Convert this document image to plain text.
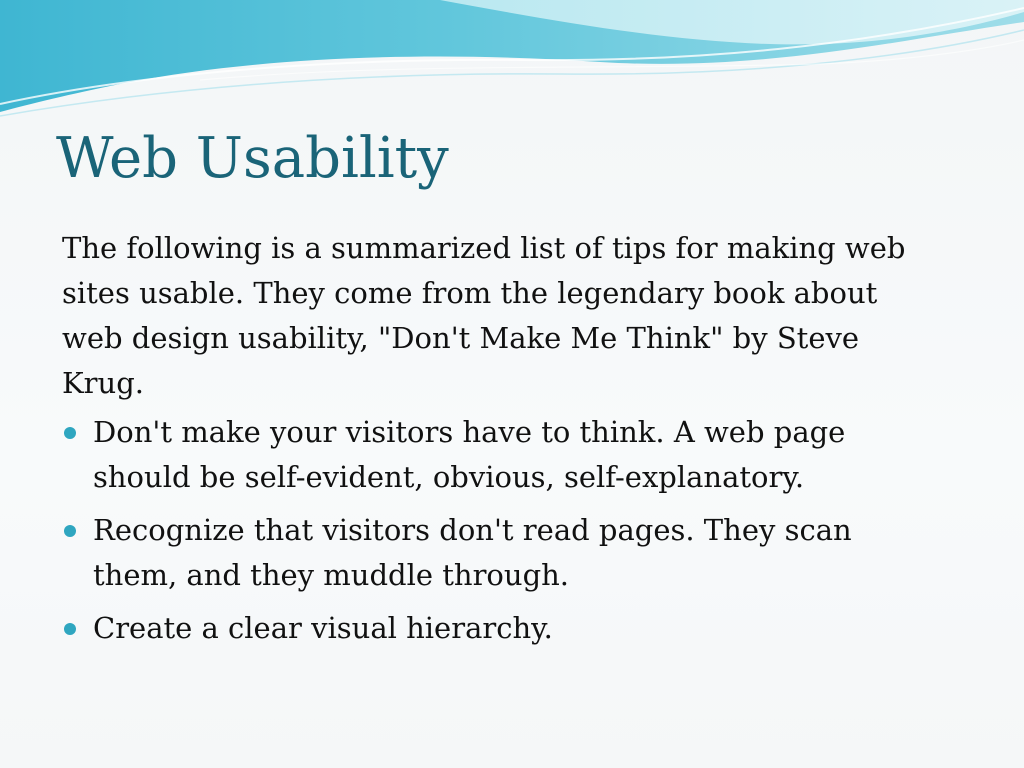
Web Usability

The following is a summarized list of tips for making web sites usable. They come from the legendary book about web design usability, "Don't Make Me Think" by Steve Krug.

Don't make your visitors have to think. A web page should be self-evident, obvious, self-explanatory.
Recognize that visitors don't read pages. They scan them, and they muddle through.
Create a clear visual hierarchy.
